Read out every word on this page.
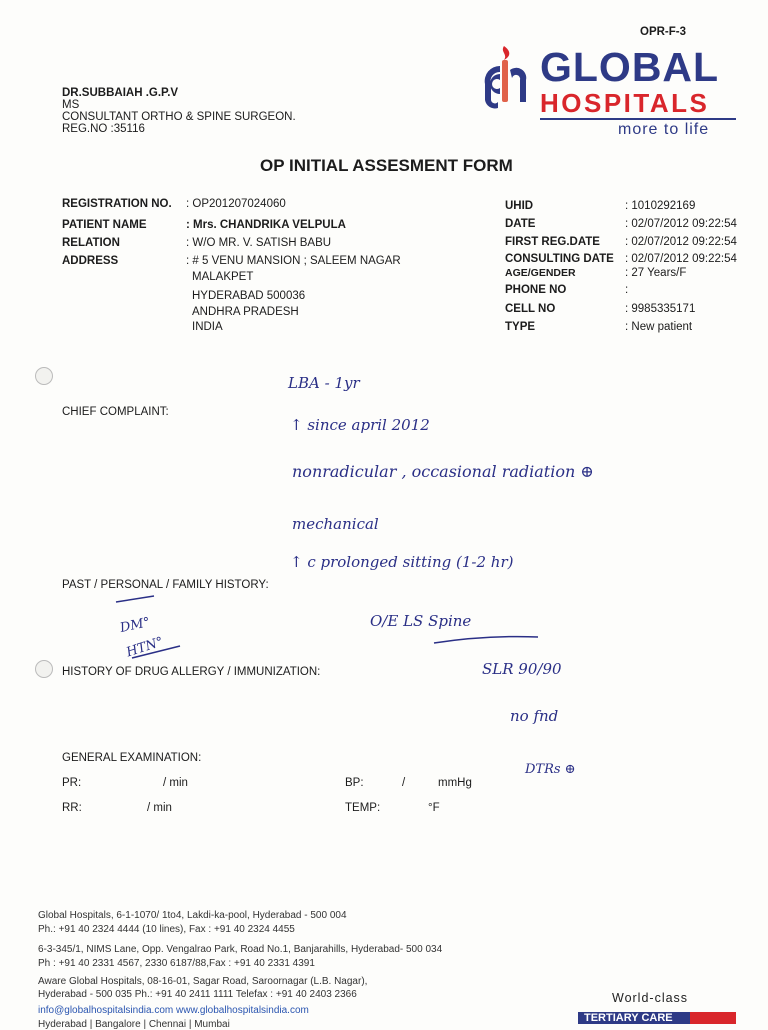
OPR-F-3
DR.SUBBAIAH .G.P.V
MS
CONSULTANT ORTHO & SPINE SURGEON.
REG.NO :35116
GLOBAL
HOSPITALS
more to life
OP INITIAL ASSESMENT FORM
REGISTRATION NO. : OP201207024060
PATIENT NAME	: Mrs. CHANDRIKA VELPULA
RELATION	: W/O MR. V. SATISH BABU
ADDRESS	: # 5 VENU MANSION ; SALEEM NAGAR
MALAKPET
HYDERABAD 500036
ANDHRA PRADESH
INDIA
UHID	: 1010292169
DATE	: 02/07/2012 09:22:54
FIRST REG.DATE : 02/07/2012 09:22:54
CONSULTING DATE : 02/07/2012 09:22:54
AGE/GENDER	: 27 Years/F
PHONE NO	:
CELL NO	: 9985335171
TYPE	: New patient
CHIEF COMPLAINT:
PAST / PERSONAL / FAMILY HISTORY:
HISTORY OF DRUG ALLERGY / IMMUNIZATION:
GENERAL EXAMINATION:
PR:	/ min	BP:	/	mmHg
RR:	/ min	TEMP:	°F
LBA - 1yr
↑ since april 2012
nonradicular , occasional radiation ⊕
mechanical
↑ c prolonged sitting (1-2 hr)
DM°
HTN°
O/E LS Spine
SLR 90/90
no fnd
DTRs ⊕
Global Hospitals, 6-1-1070/ 1to4, Lakdi-ka-pool, Hyderabad - 500 004
Ph.: +91 40 2324 4444 (10 lines), Fax : +91 40 2324 4455
6-3-345/1, NIMS Lane, Opp. Vengalrao Park, Road No.1, Banjarahills, Hyderabad- 500 034
Ph : +91 40 2331 4567, 2330 6187/88,Fax : +91 40 2331 4391
Aware Global Hospitals, 08-16-01, Sagar Road, Saroornagar (L.B. Nagar),
Hyderabad - 500 035 Ph.: +91 40 2411 1111 Telefax : +91 40 2403 2366
info@globalhospitalsindia.com www.globalhospitalsindia.com
Hyderabad | Bangalore | Chennai | Mumbai
World-class
TERTIARY CARE
